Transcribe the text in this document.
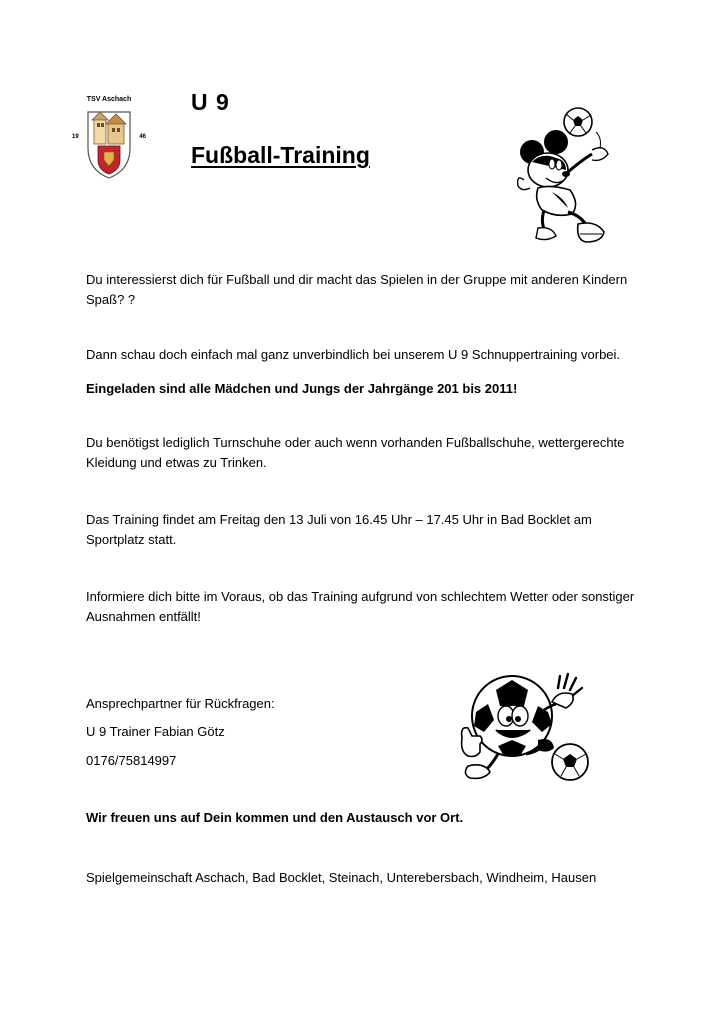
TSV Aschach
19	46
U 9
Fußball-Training

Du interessierst dich für Fußball und dir macht das Spielen in der Gruppe mit anderen Kindern Spaß? ?

Dann schau doch einfach mal ganz unverbindlich bei unserem U 9 Schnuppertraining vorbei.

Eingeladen sind alle Mädchen und Jungs der Jahrgänge 201 bis 2011!

Du benötigst lediglich Turnschuhe oder auch wenn vorhanden Fußballschuhe, wettergerechte Kleidung und etwas zu Trinken.

Das Training findet am Freitag den 13 Juli von 16.45 Uhr – 17.45 Uhr in Bad Bocklet am Sportplatz statt.

Informiere dich bitte im Voraus, ob das Training aufgrund von schlechtem Wetter oder sonstiger Ausnahmen entfällt!

Ansprechpartner für Rückfragen:

U 9 Trainer Fabian Götz

0176/75814997

Wir freuen uns auf Dein kommen und den Austausch vor Ort.

Spielgemeinschaft Aschach, Bad Bocklet, Steinach, Unterebersbach, Windheim, Hausen
